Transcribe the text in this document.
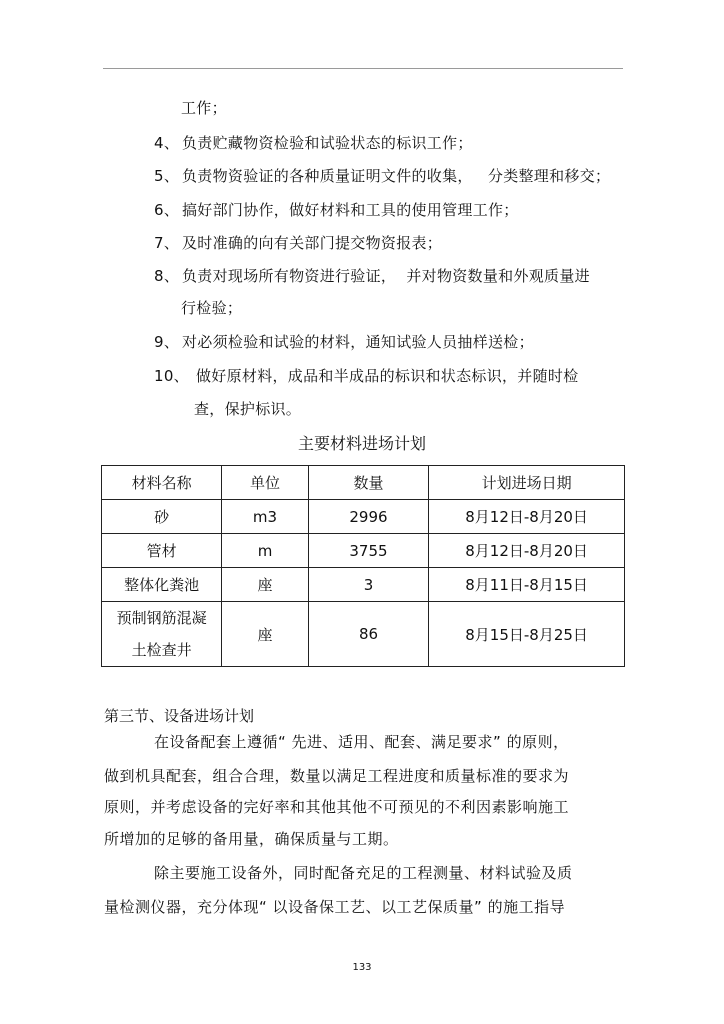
工作；
4、 负责贮藏物资检验和试验状态的标识工作；
5、 负责物资验证的各种质量证明文件的收集，   分类整理和移交；
6、 搞好部门协作，做好材料和工具的使用管理工作；
7、 及时准确的向有关部门提交物资报表；
8、 负责对现场所有物资进行验证，  并对物资数量和外观质量进
行检验；
9、 对必须检验和试验的材料，通知试验人员抽样送检；
10、 做好原材料，成品和半成品的标识和状态标识，并随时检
查，保护标识。
主要材料进场计划
材料名称	单位	数量	计划进场日期
砂	m3	2996	8月12日-8月20日
管材	m	3755	8月12日-8月20日
整体化粪池	座	3	8月11日-8月15日

预制钢筋混凝
土检查井	座	86	8月15日-8月25日
第三节、设备进场计划
在设备配套上遵循“ 先进、适用、配套、满足要求” 的原则，
做到机具配套，组合合理，数量以满足工程进度和质量标准的要求为
原则，并考虑设备的完好率和其他其他不可预见的不利因素影响施工
所增加的足够的备用量，确保质量与工期。
除主要施工设备外，同时配备充足的工程测量、材料试验及质
量检测仪器，充分体现“ 以设备保工艺、以工艺保质量” 的施工指导
133
